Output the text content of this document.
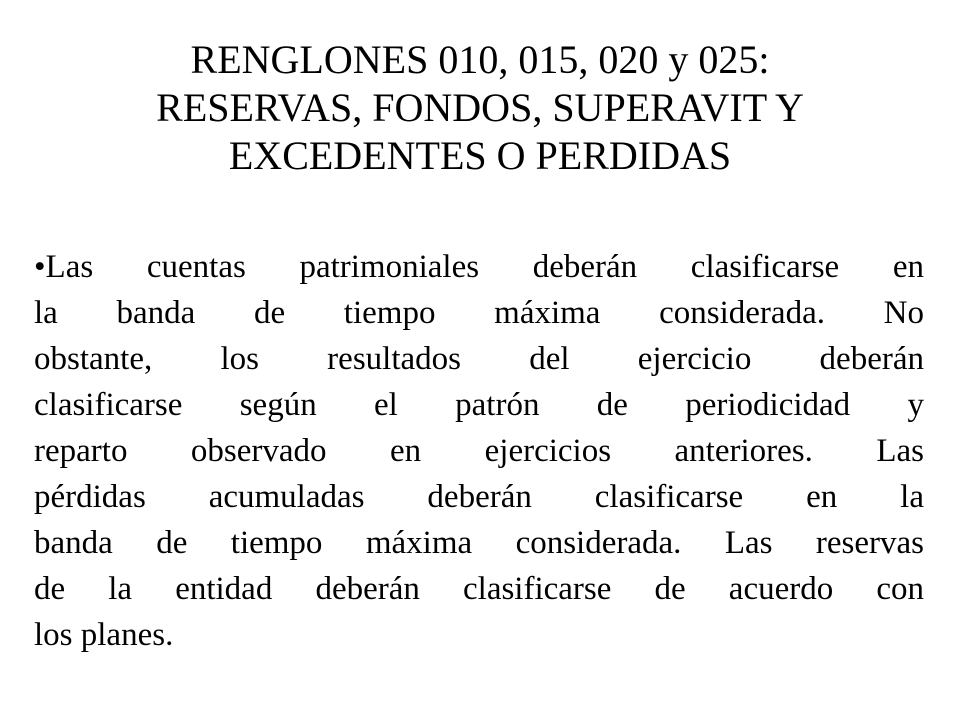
RENGLONES 010, 015, 020 y 025:
RESERVAS, FONDOS, SUPERAVIT Y
EXCEDENTES O PERDIDAS
•Las cuentas patrimoniales deberán clasificarse en
la banda de tiempo máxima considerada. No
obstante, los resultados del ejercicio deberán
clasificarse según el patrón de periodicidad y
reparto observado en ejercicios anteriores. Las
pérdidas acumuladas deberán clasificarse en la
banda de tiempo máxima considerada. Las reservas
de la entidad deberán clasificarse de acuerdo con
los planes.
